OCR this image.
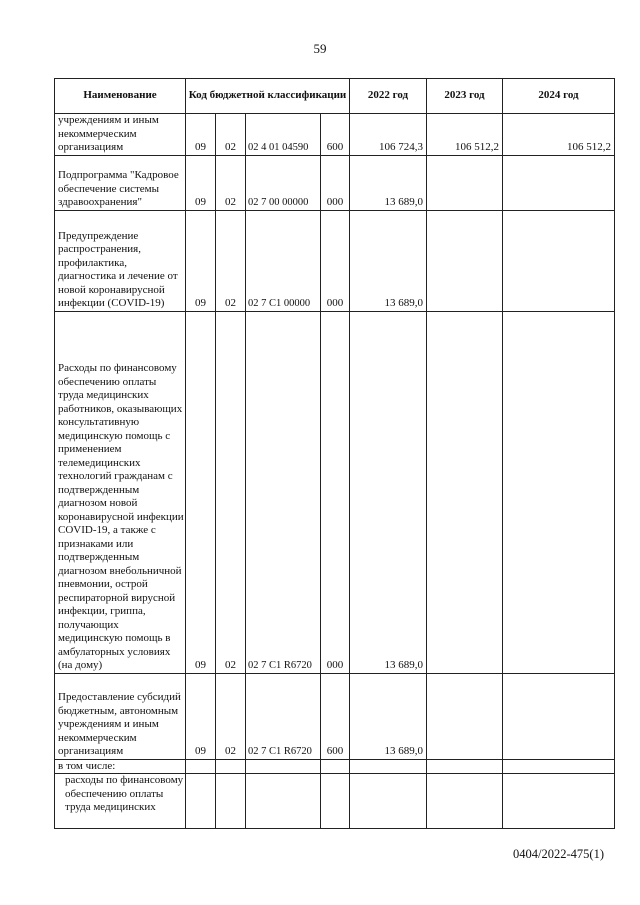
59
Наименование	Код бюджетной классификации				2022 год	2023 год	2024 год
учреждениям и иным некоммерческим организациям	09	02	02 4 01 04590	600	106 724,3	106 512,2	106 512,2
Подпрограмма "Кадровое обеспечение системы здравоохранения"	09	02	02 7 00 00000	000	13 689,0		
Предупреждение распространения, профилактика, диагностика и лечение от новой коронавирусной инфекции (COVID-19)	09	02	02 7 C1 00000	000	13 689,0		
Расходы по финансовому обеспечению оплаты труда медицинских работников, оказывающих консультативную медицинскую помощь с применением телемедицинских технологий гражданам с подтвержденным диагнозом новой коронавирусной инфекции COVID-19, а также с признаками или подтвержденным диагнозом внебольничной пневмонии, острой респираторной вирусной инфекции, гриппа, получающих медицинскую помощь в амбулаторных условиях (на дому)	09	02	02 7 C1 R6720	000	13 689,0		
Предоставление субсидий бюджетным, автономным учреждениям и иным некоммерческим организациям	09	02	02 7 C1 R6720	600	13 689,0		
в том числе:							
расходы по финансовому обеспечению оплаты труда медицинских							
0404/2022-475(1)
